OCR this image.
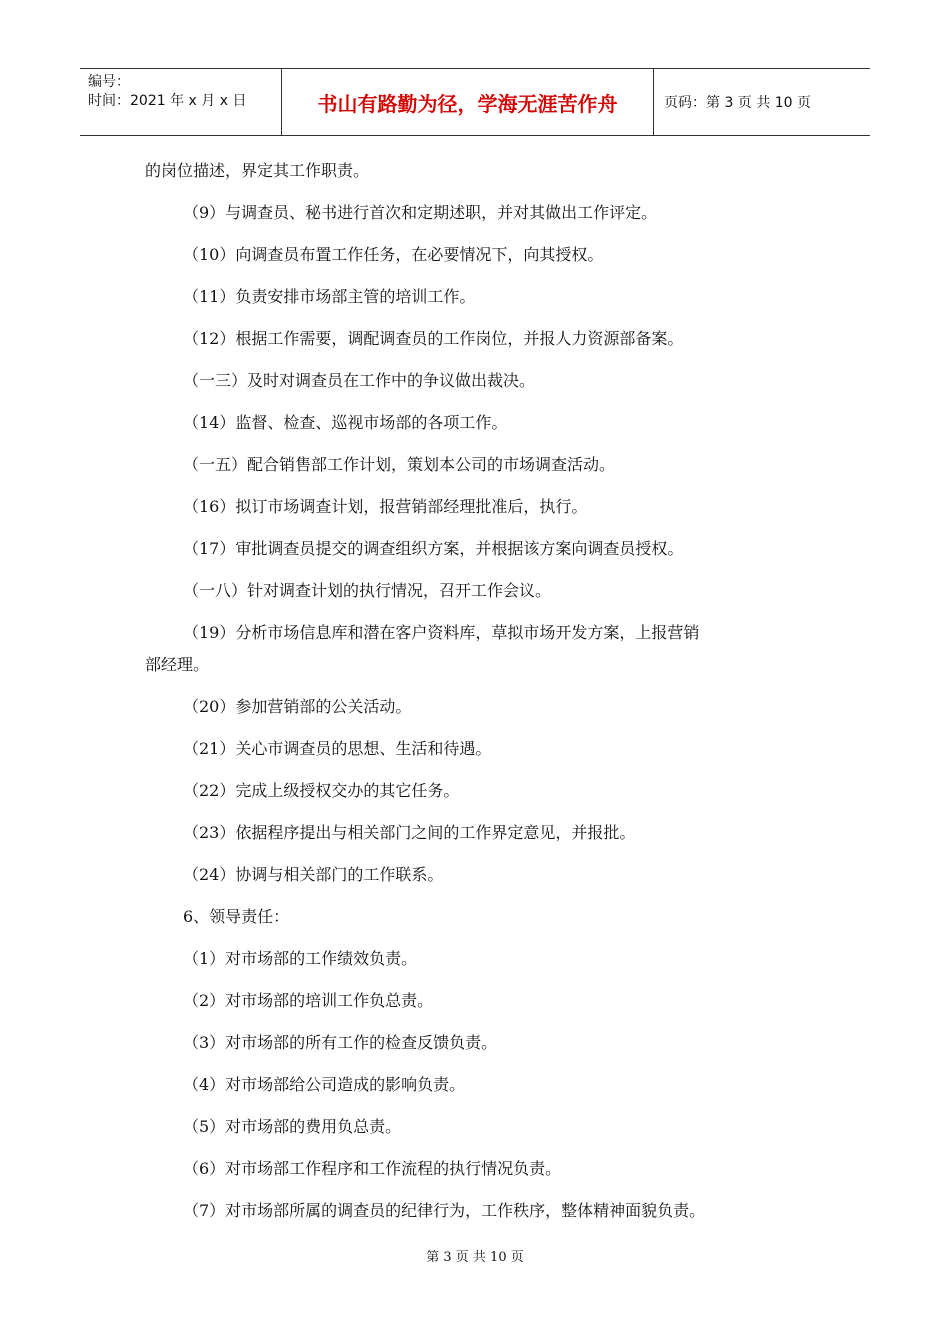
编号：
时间：2021 年 x 月 x 日	书山有路勤为径，学海无涯苦作舟	页码：第 3 页 共 10 页

的岗位描述，界定其工作职责。

（9）与调查员、秘书进行首次和定期述职，并对其做出工作评定。

（10）向调查员布置工作任务，在必要情况下，向其授权。

（11）负责安排市场部主管的培训工作。

（12）根据工作需要，调配调查员的工作岗位，并报人力资源部备案。

（一三）及时对调查员在工作中的争议做出裁决。

（14）监督、检查、巡视市场部的各项工作。

（一五）配合销售部工作计划，策划本公司的市场调查活动。

（16）拟订市场调查计划，报营销部经理批准后，执行。

（17）审批调查员提交的调查组织方案，并根据该方案向调查员授权。

（一八）针对调查计划的执行情况，召开工作会议。

（19）分析市场信息库和潜在客户资料库，草拟市场开发方案，上报营销
部经理。

（20）参加营销部的公关活动。

（21）关心市调查员的思想、生活和待遇。

（22）完成上级授权交办的其它任务。

（23）依据程序提出与相关部门之间的工作界定意见，并报批。

（24）协调与相关部门的工作联系。

6、领导责任：

（1）对市场部的工作绩效负责。

（2）对市场部的培训工作负总责。

（3）对市场部的所有工作的检查反馈负责。

（4）对市场部给公司造成的影响负责。

（5）对市场部的费用负总责。

（6）对市场部工作程序和工作流程的执行情况负责。

（7）对市场部所属的调查员的纪律行为，工作秩序，整体精神面貌负责。

第 3 页 共 10 页
